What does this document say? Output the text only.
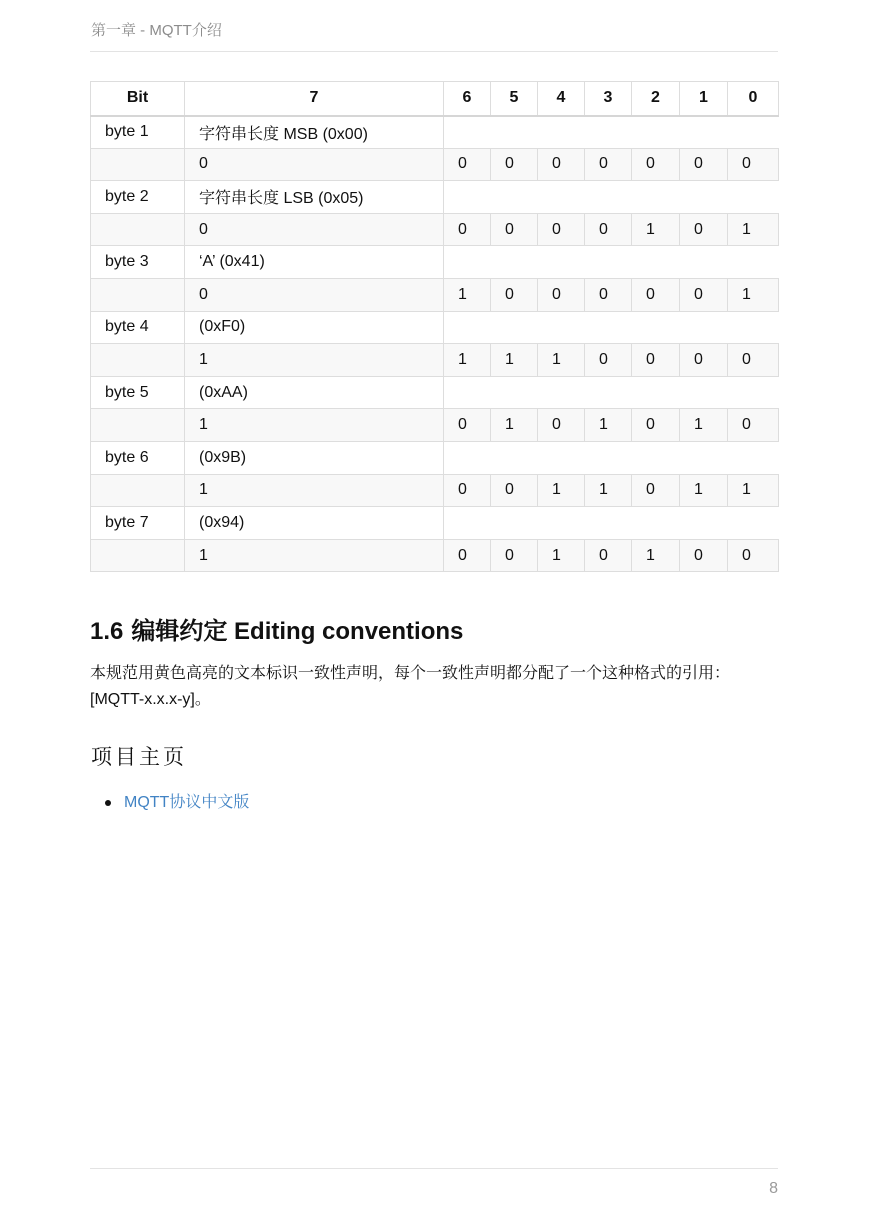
第一章 - MQTT介绍
Bit	7	6	5	4	3	2	1	0
byte 1	字符串长度 MSB (0x00)							
	0	0	0	0	0	0	0	0
byte 2	字符串长度 LSB (0x05)							
	0	0	0	0	0	1	0	1
byte 3	‘A’ (0x41)							
	0	1	0	0	0	0	0	1
byte 4	(0xF0)							
	1	1	1	1	0	0	0	0
byte 5	(0xAA)							
	1	0	1	0	1	0	1	0
byte 6	(0x9B)							
	1	0	0	1	1	0	1	1
byte 7	(0x94)							
	1	0	0	1	0	1	0	0
1.6 编辑约定 Editing conventions

本规范用黄色高亮的文本标识一致性声明，每个一致性声明都分配了一个这种格式的引用：[MQTT-x.x.x-y]。

项目主页
MQTT协议中文版
8
